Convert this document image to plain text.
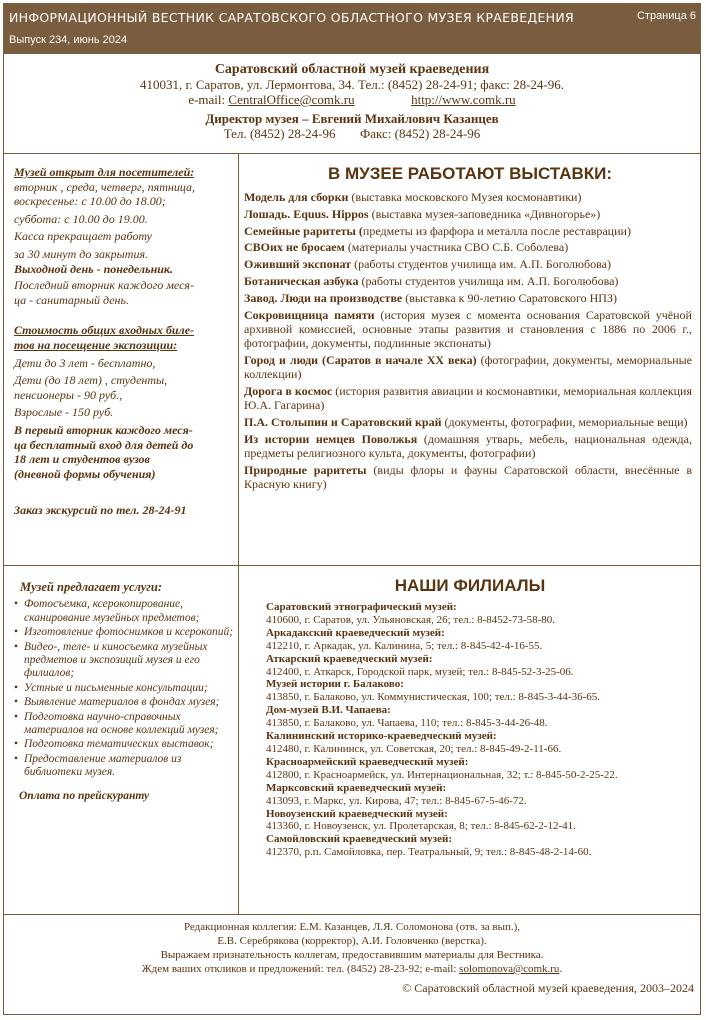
ИНФОРМАЦИОННЫЙ ВЕСТНИК САРАТОВСКОГО ОБЛАСТНОГО МУЗЕЯ КРАЕВЕДЕНИЯ
Выпуск 234, июнь 2024
Страница 6
Саратовский областной музей краеведения
410031, г. Саратов, ул. Лермонтова, 34. Тел.: (8452) 28-24-91; факс: 28-24-96.
e-mail: CentralOffice@comk.ru	http://www.comk.ru
Директор музея – Евгений Михайлович Казанцев
Тел. (8452) 28-24-96 Факс: (8452) 28-24-96

Музей открыт для посетителей:

вторник , среда, четверг, пятница,

воскресенье: с 10.00 до 18.00;

суббота: с 10.00 до 19.00.

Касса прекращает работу

за 30 минут до закрытия.

Выходной день - понедельник.

Последний вторник каждого меся-

ца - санитарный день.

Стоимость общих входных биле-

тов на посещение экспозиции:

Дети до 3 лет - бесплатно,

Дети (до 18 лет) , студенты,

пенсионеры - 90 руб.,

Взрослые - 150 руб.

В первый вторник каждого меся-

ца бесплатный вход для детей до

18 лет и студентов вузов

(дневной формы обучения)

Заказ экскурсий по тел. 28-24-91

В МУЗЕЕ РАБОТАЮТ ВЫСТАВКИ:

Модель для сборки (выставка московского Музея космонавтики)

Лошадь. Equus. Hippos (выставка музея-заповедника «Дивногорье»)

Семейные раритеты (предметы из фарфора и металла после реставрации)

СВОих не бросаем (материалы участника СВО С.Б. Соболева)

Оживший экспонат (работы студентов училища им. А.П. Боголюбова)

Ботаническая азбука (работы студентов училища им. А.П. Боголюбова)

Завод. Люди на производстве (выставка к 90-летию Саратовского НПЗ)

Сокровищница памяти (история музея с момента основания Саратовской учёной архивной комиссией, основные этапы развития и становления с 1886 по 2006 г., фотографии, документы, подлинные экспонаты)

Город и люди (Саратов в начале XX века) (фотографии, документы, мемориальные коллекции)

Дорога в космос (история развития авиации и космонавтики, мемориальная коллекция Ю.А. Гагарина)

П.А. Столыпин и Саратовский край (документы, фотографии, мемориальные вещи)

Из истории немцев Поволжья (домашняя утварь, мебель, национальная одежда, предметы религиозного культа, документы, фотографии)

Природные раритеты (виды флоры и фауны Саратовской области, внесённые в Красную книгу)

Музей предлагает услуги:

• Фотосъемка, ксерокопирование, сканирование музейных предметов;
• Изготовление фотоснимков и ксерокопий;
• Видео-, теле- и киносъемка музейных предметов и экспозиций музея и его филиалов;
• Устные и письменные консультации;
• Выявление материалов в фондах музея;
• Подготовка научно-справочных материалов на основе коллекций музея;
• Подготовка тематических выставок;
• Предоставление материалов из библиотеки музея.

Оплата по прейскуранту

НАШИ ФИЛИАЛЫ
Саратовский этнографический музей:
410600, г. Саратов, ул. Ульяновская, 26; тел.: 8-8452-73-58-80.
Аркадакский краеведческий музей:
412210, г. Аркадак, ул. Калинина, 5; тел.: 8-845-42-4-16-55.
Аткарский краеведческий музей:
412400, г. Аткарск, Городской парк, музей; тел.: 8-845-52-3-25-06.
Музей истории г. Балаково:
413850, г. Балаково, ул. Коммунистическая, 100; тел.: 8-845-3-44-36-65.
Дом-музей В.И. Чапаева:
413850, г. Балаково, ул. Чапаева, 110; тел.: 8-845-3-44-26-48.
Калининский историко-краеведческий музей:
412480, г. Калининск, ул. Советская, 20; тел.: 8-845-49-2-11-66.
Красноармейский краеведческий музей:
412800, г. Красноармейск, ул. Интернациональная, 32; т.: 8-845-50-2-25-22.
Марксовский краеведческий музей:
413093, г. Маркс, ул. Кирова, 47; тел.: 8-845-67-5-46-72.
Новоузенский краеведческий музей:
413360, г. Новоузенск, ул. Пролетарская, 8; тел.: 8-845-62-2-12-41.
Самойловский краеведческий музей:
412370, р.п. Самойловка, пер. Театральный, 9; тел.: 8-845-48-2-14-60.
Редакционная коллегия: Е.М. Казанцев, Л.Я. Соломонова (отв. за вып.),
Е.В. Серебрякова (корректор), А.И. Головченко (верстка).
Выражаем признательность коллегам, предоставившим материалы для Вестника.
Ждем ваших откликов и предложений: тел. (8452) 28-23-92; e-mail: solomonova@comk.ru.
© Саратовский областной музей краеведения, 2003–2024
